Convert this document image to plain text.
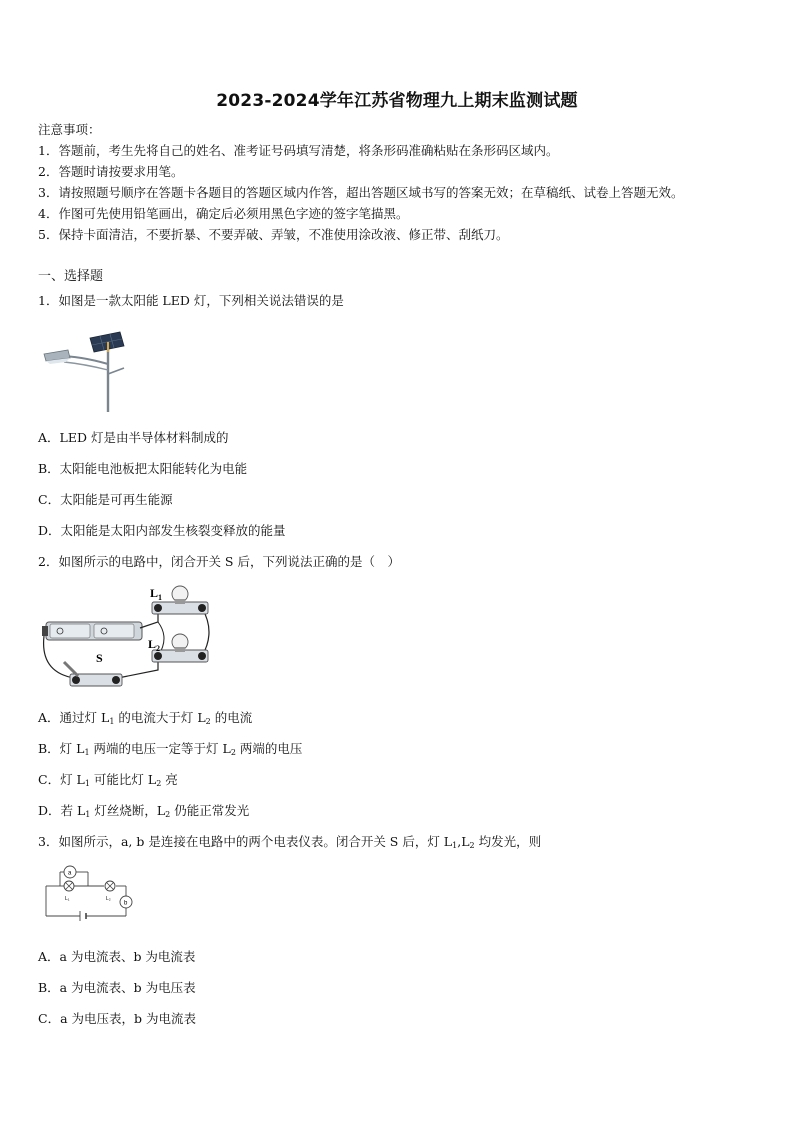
2023-2024学年江苏省物理九上期末监测试题
注意事项：
1．答题前，考生先将自己的姓名、准考证号码填写清楚，将条形码准确粘贴在条形码区域内。
2．答题时请按要求用笔。
3．请按照题号顺序在答题卡各题目的答题区域内作答，超出答题区域书写的答案无效；在草稿纸、试卷上答题无效。
4．作图可先使用铅笔画出，确定后必须用黑色字迹的签字笔描黑。
5．保持卡面清洁，不要折暴、不要弄破、弄皱，不准使用涂改液、修正带、刮纸刀。
一、选择题
1．如图是一款太阳能 LED 灯，下列相关说法错误的是
A．LED 灯是由半导体材料制成的
B．太阳能电池板把太阳能转化为电能
C．太阳能是可再生能源
D．太阳能是太阳内部发生核裂变释放的能量
2．如图所示的电路中，闭合开关 S 后，下列说法正确的是（　）
$L_1$
$L_2$
S
A．通过灯 $L_1$ 的电流大于灯 $L_2$ 的电流
B．灯 $L_1$ 两端的电压一定等于灯 $L_2$ 两端的电压
C．灯 $L_1$ 可能比灯 $L_2$ 亮
D．若 $L_1$ 灯丝烧断，$L_2$ 仍能正常发光
3．如图所示，a, b 是连接在电路中的两个电表仪表。闭合开关 S 后，灯 $L_1,L_2$ 均发光，则
a
b
L₁	L₂
A．a 为电流表、b 为电流表
B．a 为电流表、b 为电压表
C．a 为电压表，b 为电流表
